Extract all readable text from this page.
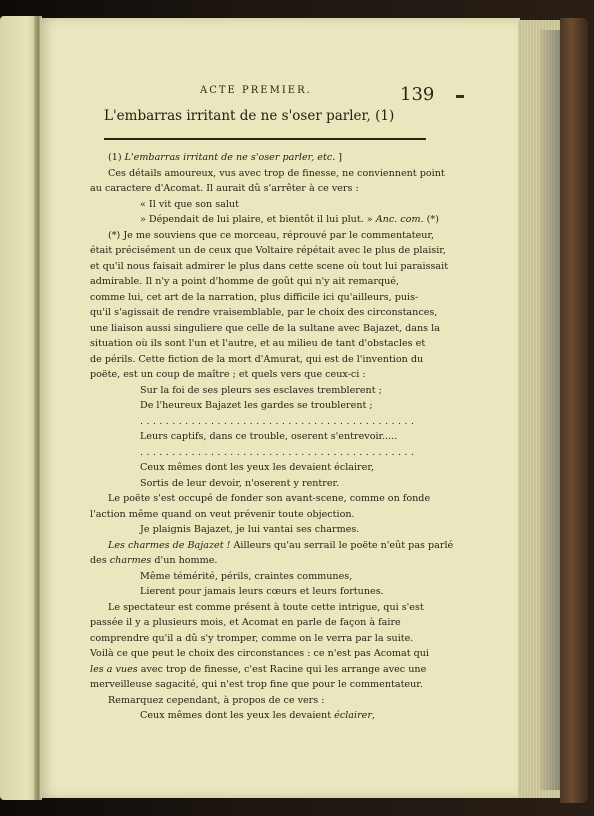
ACTE PREMIER.	139
L'embarras irritant de ne s'oser parler, (1)
(1) L'embarras irritant de ne s'oser parler, etc. ]
Ces détails amoureux, vus avec trop de finesse, ne conviennent point
au caractere d'Acomat. Il aurait dû s'arrêter à ce vers :
« Il vit que son salut
» Dépendait de lui plaire, et bientôt il lui plut. » Anc. com. (*)
(*) Je me souviens que ce morceau, réprouvé par le commentateur,
était précisément un de ceux que Voltaire répétait avec le plus de plaisir,
et qu'il nous faisait admirer le plus dans cette scene où tout lui paraissait
admirable. Il n'y a point d'homme de goût qui n'y ait remarqué,
comme lui, cet art de la narration, plus difficile ici qu'ailleurs, puis-
qu'il s'agissait de rendre vraisemblable, par le choix des circonstances,
une liaison aussi singuliere que celle de la sultane avec Bajazet, dans la
situation où ils sont l'un et l'autre, et au milieu de tant d'obstacles et
de périls. Cette fiction de la mort d'Amurat, qui est de l'invention du
poëte, est un coup de maître ; et quels vers que ceux-ci :
Sur la foi de ses pleurs ses esclaves tremblerent ;
De l'heureux Bajazet les gardes se troublerent ;
...........................................
Leurs captifs, dans ce trouble, oserent s'entrevoir.....
...........................................
Ceux mêmes dont les yeux les devaient éclairer,
Sortis de leur devoir, n'oserent y rentrer.
Le poëte s'est occupé de fonder son avant-scene, comme on fonde
l'action même quand on veut prévenir toute objection.
Je plaignis Bajazet, je lui vantai ses charmes.
Les charmes de Bajazet ! Ailleurs qu'au serrail le poëte n'eût pas parlé
des charmes d'un homme.
Même témérité, périls, craintes communes,
Lierent pour jamais leurs cœurs et leurs fortunes.
Le spectateur est comme présent à toute cette intrigue, qui s'est
passée il y a plusieurs mois, et Acomat en parle de façon à faire
comprendre qu'il a dû s'y tromper, comme on le verra par la suite.
Voilà ce que peut le choix des circonstances : ce n'est pas Acomat qui
les a vues avec trop de finesse, c'est Racine qui les arrange avec une
merveilleuse sagacité, qui n'est trop fine que pour le commentateur.
Remarquez cependant, à propos de ce vers :
Ceux mêmes dont les yeux les devaient éclairer,
